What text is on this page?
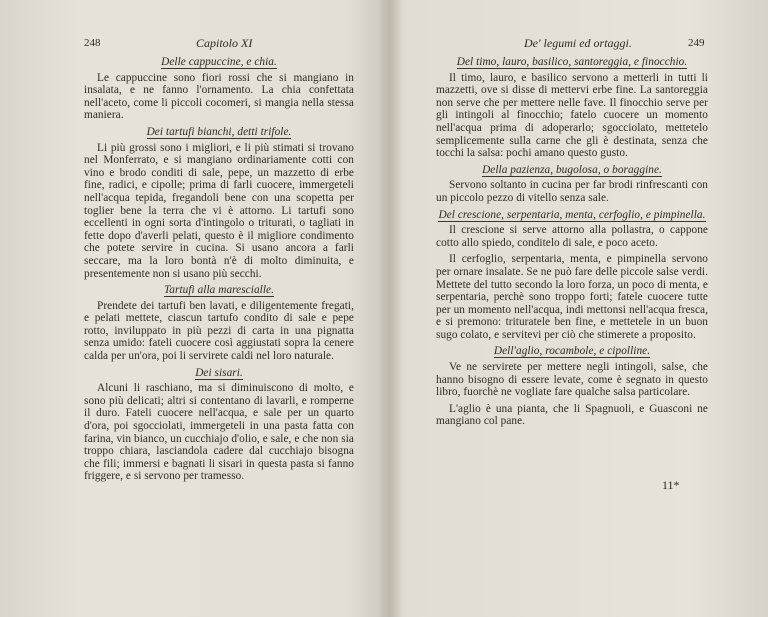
248	Capitolo XI
Delle cappuccine, e chia.

Le cappuccine sono fiori rossi che si mangiano in insalata, e ne fanno l'ornamento. La chia confettata nell'aceto, come li piccoli cocomeri, si mangia nella stessa maniera.

Dei tartufi bianchi, detti trifole.

Li più grossi sono i migliori, e li più stimati si trovano nel Monferrato, e si mangiano ordinariamente cotti con vino e brodo conditi di sale, pepe, un mazzetto di erbe fine, radici, e cipolle; prima di farli cuocere, immergeteli nell'acqua tepida, fregandoli bene con una scopetta per toglier bene la terra che vi è attorno. Li tartufi sono eccellenti in ogni sorta d'intingolo o triturati, o tagliati in fette dopo d'averli pelati, questo è il migliore condimento che potete servire in cucina. Si usano ancora a farli seccare, ma la loro bontà n'è di molto diminuita, e presentemente non si usano più secchi.

Tartufi alla marescialle.

Prendete dei tartufi ben lavati, e diligentemente fregati, e pelati mettete, ciascun tartufo condito di sale e pepe rotto, inviluppato in più pezzi di carta in una pignatta senza umido: fateli cuocere così aggiustati sopra la cenere calda per un'ora, poi li servirete caldi nel loro naturale.

Dei sisari.

Alcuni li raschiano, ma si diminuiscono di molto, e sono più delicati; altri si contentano di lavarli, e romperne il duro. Fateli cuocere nell'acqua, e sale per un quarto d'ora, poi sgocciolati, immergeteli in una pasta fatta con farina, vin bianco, un cucchiajo d'olio, e sale, e che non sia troppo chiara, lasciandola cadere dal cucchiajo bisogna che fili; immersi e bagnati li sisari in questa pasta si fanno friggere, e si servono per tramesso.

De' legumi ed ortaggi.	249
Del timo, lauro, basilico, santoreggia, e finocchio.

Il timo, lauro, e basilico servono a metterli in tutti li mazzetti, ove si disse di mettervi erbe fine. La santoreggia non serve che per mettere nelle fave. Il finocchio serve per gli intingoli al finocchio; fatelo cuocere un momento nell'acqua prima di adoperarlo; sgocciolato, mettetelo semplicemente sulla carne che gli è destinata, senza che tocchi la salsa: pochi amano questo gusto.

Della pazienza, bugolosa, o boraggine.

Servono soltanto in cucina per far brodi rinfrescanti con un piccolo pezzo di vitello senza sale.

Del crescione, serpentaria, menta, cerfoglio, e pimpinella.

Il crescione si serve attorno alla pollastra, o cappone cotto allo spiedo, conditelo di sale, e poco aceto.

Il cerfoglio, serpentaria, menta, e pimpinella servono per ornare insalate. Se ne può fare delle piccole salse verdi. Mettete del tutto secondo la loro forza, un poco di menta, e serpentaria, perchè sono troppo forti; fatele cuocere tutte per un momento nell'acqua, indi mettonsi nell'acqua fresca, e si premono: trituratele ben fine, e mettetele in un buon sugo colato, e servitevi per ciò che stimerete a proposito.

Dell'aglio, rocambole, e cipolline.

Ve ne servirete per mettere negli intingoli, salse, che hanno bisogno di essere levate, come è segnato in questo libro, fuorchè ne vogliate fare qualche salsa particolare.

L'aglio è una pianta, che li Spagnuoli, e Guasconi ne mangiano col pane.

11*
